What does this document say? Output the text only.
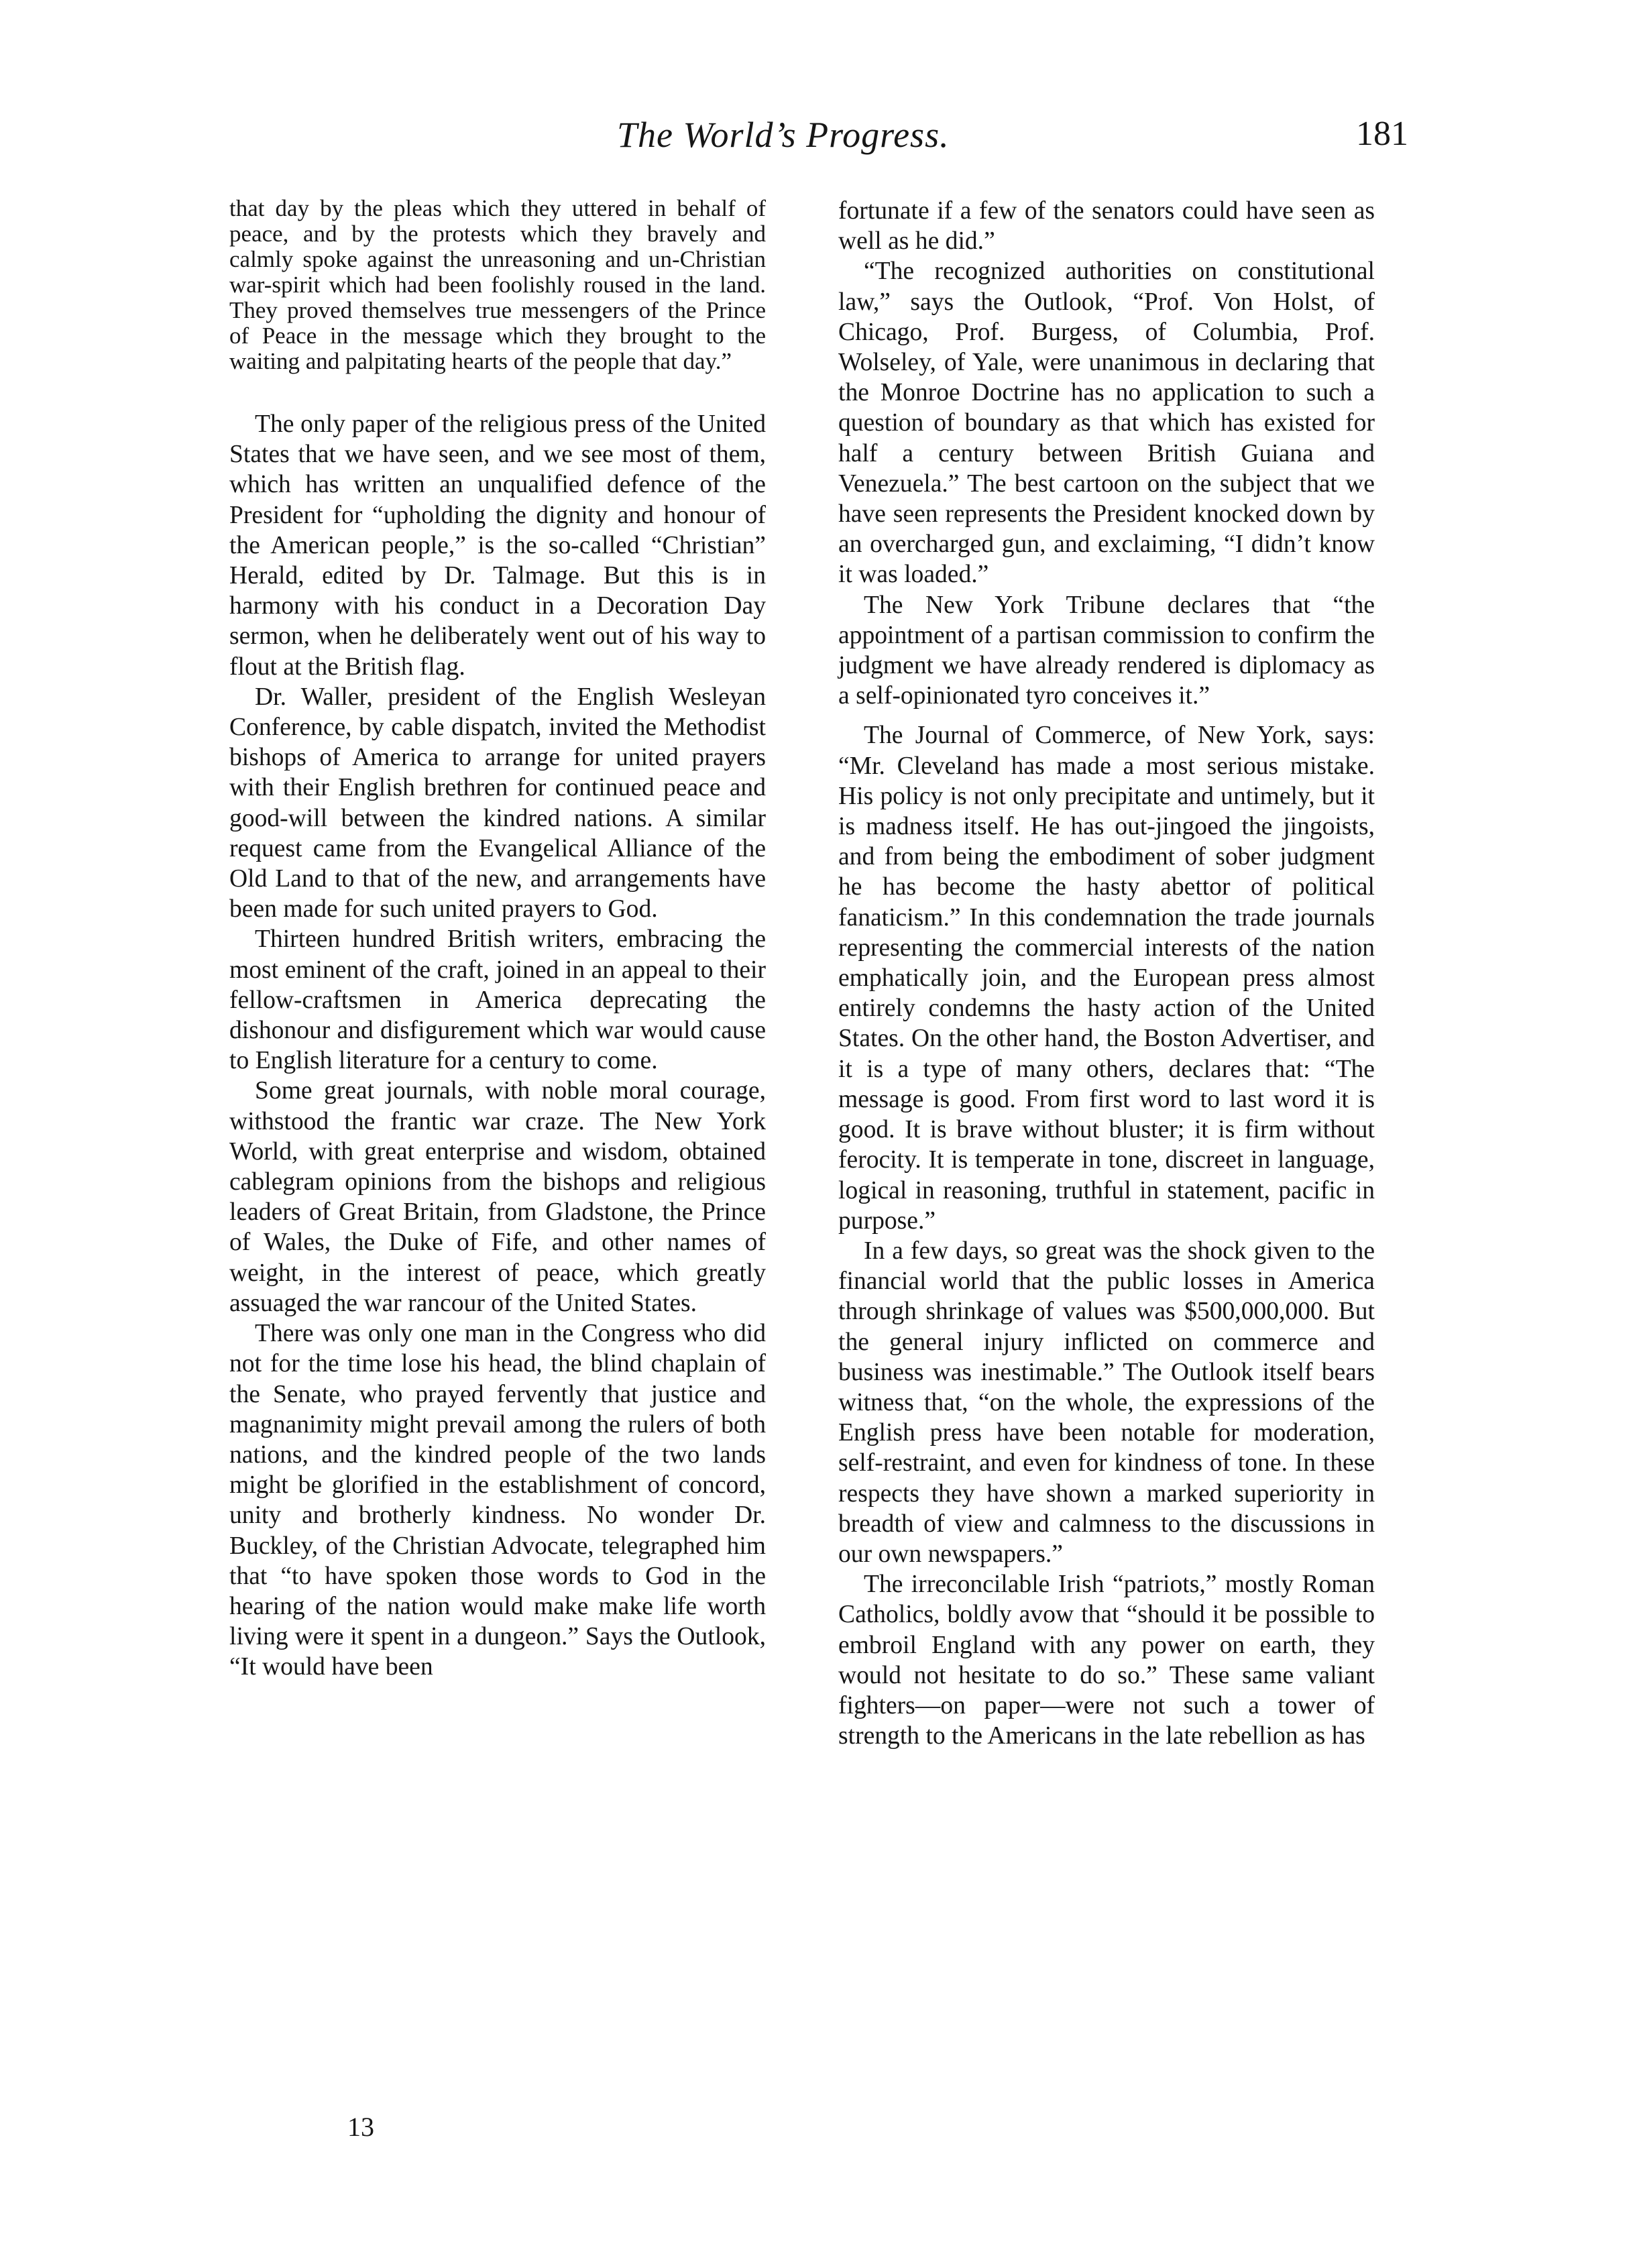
The World’s Progress.	181

that day by the pleas which they uttered in behalf of peace, and by the protests which they bravely and calmly spoke against the unreasoning and un-Christian war-spirit which had been foolishly roused in the land. They proved themselves true messengers of the Prince of Peace in the message which they brought to the waiting and palpitating hearts of the people that day.”

The only paper of the religious press of the United States that we have seen, and we see most of them, which has written an unqualified defence of the President for “upholding the dignity and honour of the American people,” is the so-called “Christian” Herald, edited by Dr. Talmage. But this is in harmony with his conduct in a Decoration Day sermon, when he deliberately went out of his way to flout at the British flag.

Dr. Waller, president of the English Wesleyan Conference, by cable dispatch, invited the Methodist bishops of America to arrange for united prayers with their English brethren for continued peace and good-will between the kindred nations. A similar request came from the Evangelical Alliance of the Old Land to that of the new, and arrangements have been made for such united prayers to God.

Thirteen hundred British writers, embracing the most eminent of the craft, joined in an appeal to their fellow-craftsmen in America deprecating the dishonour and disfigurement which war would cause to English literature for a century to come.

Some great journals, with noble moral courage, withstood the frantic war craze. The New York World, with great enterprise and wisdom, obtained cablegram opinions from the bishops and religious leaders of Great Britain, from Gladstone, the Prince of Wales, the Duke of Fife, and other names of weight, in the interest of peace, which greatly assuaged the war rancour of the United States.

There was only one man in the Congress who did not for the time lose his head, the blind chaplain of the Senate, who prayed fervently that justice and magnanimity might prevail among the rulers of both nations, and the kindred people of the two lands might be glorified in the establishment of concord, unity and brotherly kindness. No wonder Dr. Buckley, of the Christian Advocate, telegraphed him that “to have spoken those words to God in the hearing of the nation would make make life worth living were it spent in a dungeon.” Says the Outlook, “It would have been

fortunate if a few of the senators could have seen as well as he did.”

“The recognized authorities on constitutional law,” says the Outlook, “Prof. Von Holst, of Chicago, Prof. Burgess, of Columbia, Prof. Wolseley, of Yale, were unanimous in declaring that the Monroe Doctrine has no application to such a question of boundary as that which has existed for half a century between British Guiana and Venezuela.” The best cartoon on the subject that we have seen represents the President knocked down by an overcharged gun, and exclaiming, “I didn’t know it was loaded.”

The New York Tribune declares that “the appointment of a partisan commission to confirm the judgment we have already rendered is diplomacy as a self-opinionated tyro conceives it.”

The Journal of Commerce, of New York, says: “Mr. Cleveland has made a most serious mistake. His policy is not only precipitate and untimely, but it is madness itself. He has out-jingoed the jingoists, and from being the embodiment of sober judgment he has become the hasty abettor of political fanaticism.” In this condemnation the trade journals representing the commercial interests of the nation emphatically join, and the European press almost entirely condemns the hasty action of the United States. On the other hand, the Boston Advertiser, and it is a type of many others, declares that: “The message is good. From first word to last word it is good. It is brave without bluster; it is firm without ferocity. It is temperate in tone, discreet in language, logical in reasoning, truthful in statement, pacific in purpose.”

In a few days, so great was the shock given to the financial world that the public losses in America through shrinkage of values was $500,000,000. But the general injury inflicted on commerce and business was inestimable.” The Outlook itself bears witness that, “on the whole, the expressions of the English press have been notable for moderation, self-restraint, and even for kindness of tone. In these respects they have shown a marked superiority in breadth of view and calmness to the discussions in our own newspapers.”

The irreconcilable Irish “patriots,” mostly Roman Catholics, boldly avow that “should it be possible to embroil England with any power on earth, they would not hesitate to do so.” These same valiant fighters—on paper—were not such a tower of strength to the Americans in the late rebellion as has

13
